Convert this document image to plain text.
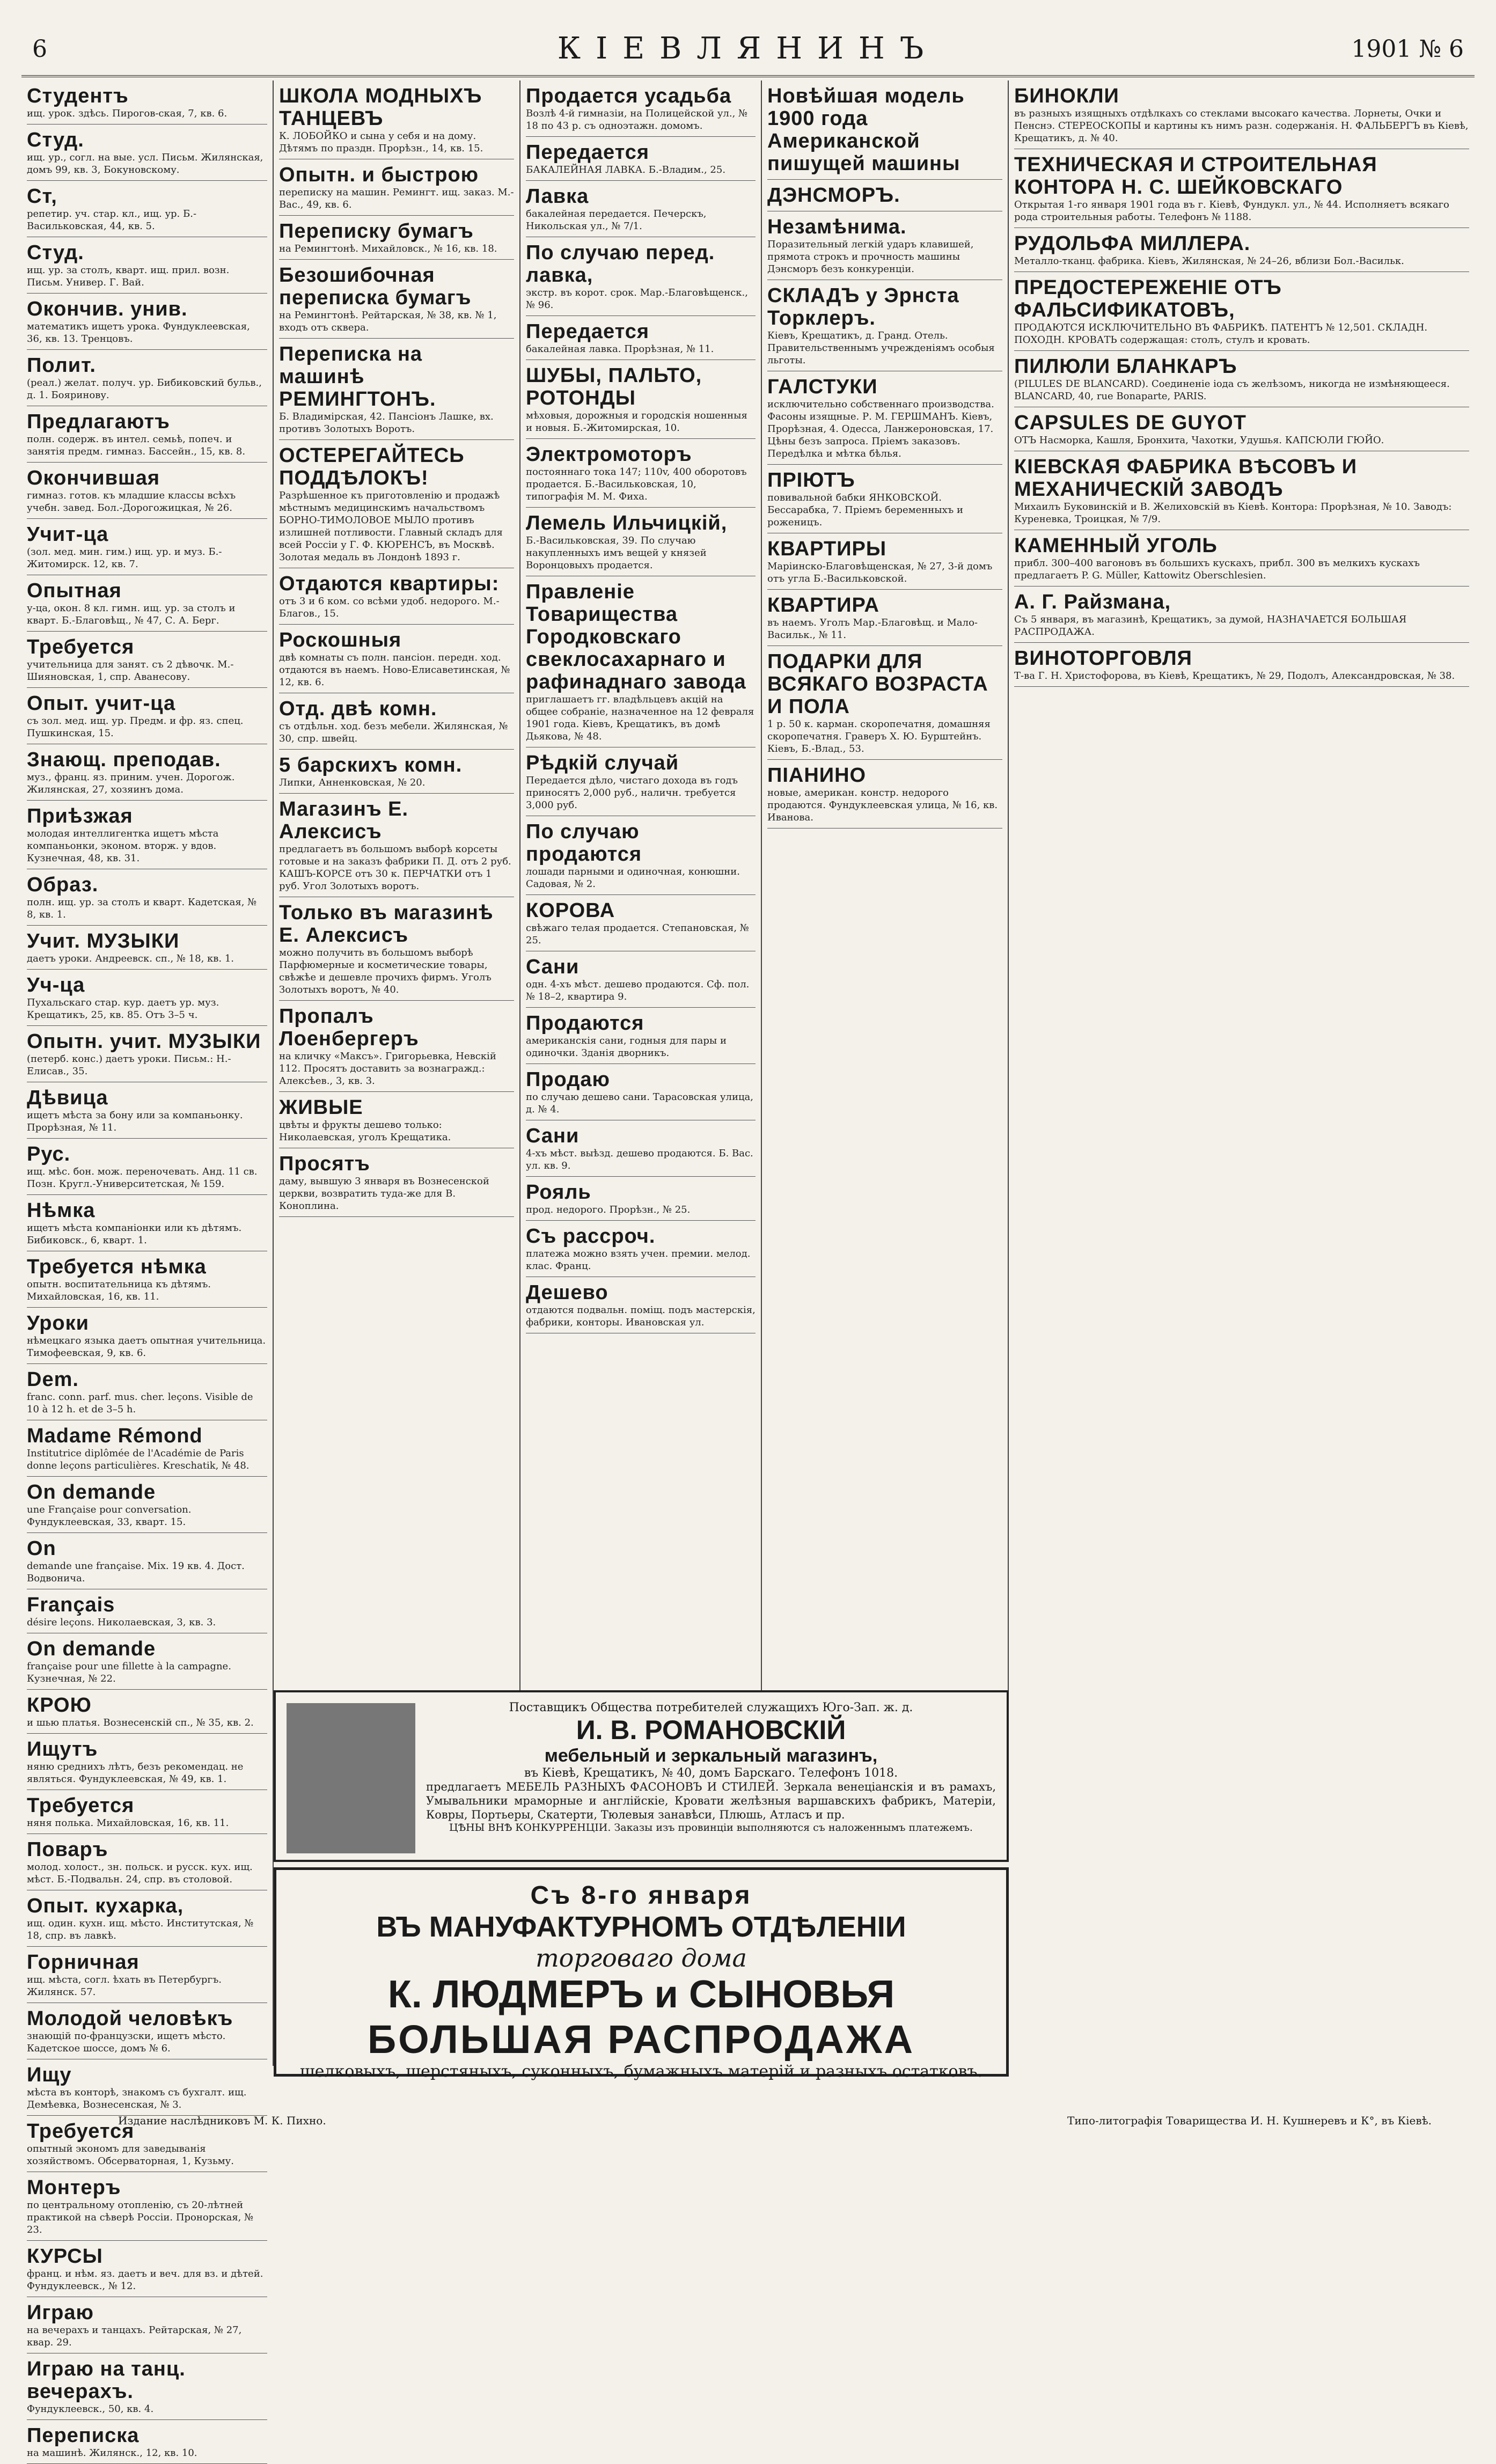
6	КІЕВЛЯНИНЪ	1901 № 6
Студентъ
ищ. урок. здѣсь. Пирогов-ская, 7, кв. 6.
Студ.
ищ. ур., согл. на вые. усл. Письм. Жилянская, домъ 99, кв. 3, Бокуновскому.
Ст,
репетир. уч. стар. кл., ищ. ур. Б.-Васильковская, 44, кв. 5.
Студ.
ищ. ур. за столъ, кварт. ищ. прил. возн. Письм. Универ. Г. Вай.
Окончив. унив.
математикъ ищетъ урока. Фундуклеевская, 36, кв. 13. Тренцовъ.
Полит.
(реал.) желат. получ. ур. Бибиковский бульв., д. 1. Бояринову.
Предлагаютъ
полн. содерж. въ интел. семьѣ, попеч. и занятія предм. гимназ. Бассейн., 15, кв. 8.
Окончившая
гимназ. готов. къ младшие классы всѣхъ учебн. завед. Бол.-Дорогожицкая, № 26.
Учит-ца
(зол. мед. мин. гим.) ищ. ур. и муз. Б.-Житомирск. 12, кв. 7.
Опытная
у-ца, окон. 8 кл. гимн. ищ. ур. за столъ и кварт. Б.-Благовѣщ., № 47, С. А. Берг.
Требуется
учительница для занят. съ 2 дѣвочк. М.-Шияновская, 1, спр. Аванесову.
Опыт. учит-ца
съ зол. мед. ищ. ур. Предм. и фр. яз. спец. Пушкинская, 15.
Знающ. преподав.
муз., франц. яз. приним. учен. Дорогож. Жилянская, 27, хозяинъ дома.
Приѣзжая
молодая интеллигентка ищетъ мѣста компаньонки, эконом. вторж. у вдов. Кузнечная, 48, кв. 31.
Образ.
полн. ищ. ур. за столъ и кварт. Кадетская, № 8, кв. 1.
Учит. МУЗЫКИ
даетъ уроки. Андреевск. сп., № 18, кв. 1.
Уч-ца
Пухальскаго стар. кур. даетъ ур. муз. Крещатикъ, 25, кв. 85. Отъ 3–5 ч.
Опытн. учит. МУЗЫКИ
(петерб. конс.) даетъ уроки. Письм.: Н.-Елисав., 35.
Дѣвица
ищетъ мѣста за бону или за компаньонку. Прорѣзная, № 11.
Рус.
ищ. мѣс. бон. мож. переночевать. Анд. 11 св. Позн. Кругл.-Университетская, № 159.
Нѣмка
ищетъ мѣста компаніонки или къ дѣтямъ. Бибиковск., 6, кварт. 1.
Требуется нѣмка
опытн. воспитательница къ дѣтямъ. Михайловская, 16, кв. 11.
Уроки
нѣмецкаго языка даетъ опытная учительница. Тимофеевская, 9, кв. 6.
Dem.
franc. conn. parf. mus. cher. leçons. Visible de 10 à 12 h. et de 3–5 h.
Madame Rémond
Institutrice diplômée de l'Académie de Paris donne leçons particulières. Kreschatik, № 48.
On demande
une Française pour conversation. Фундуклеевская, 33, кварт. 15.
On
demande une française. Mix. 19 кв. 4. Дост. Водвонича.
Français
désire leçons. Николаевская, 3, кв. 3.
On demande
française pour une fillette à la campagne. Кузнечная, № 22.
КРОЮ
и шью платья. Вознесенскій сп., № 35, кв. 2.
Ищутъ
няню среднихъ лѣтъ, безъ рекомендац. не являться. Фундуклеевская, № 49, кв. 1.
Требуется
няня полька. Михайловская, 16, кв. 11.
Поваръ
молод. холост., зн. польск. и русск. кух. ищ. мѣст. Б.-Подвальн. 24, спр. въ столовой.
Опыт. кухарка,
ищ. один. кухн. ищ. мѣсто. Институтская, № 18, спр. въ лавкѣ.
Горничная
ищ. мѣста, согл. ѣхать въ Петербургъ. Жилянск. 57.
Молодой человѣкъ
знающій по-французски, ищетъ мѣсто. Кадетское шоссе, домъ № 6.
Ищу
мѣста въ конторѣ, знакомъ съ бухгалт. ищ. Демѣевка, Вознесенская, № 3.
Требуется
опытный экономъ для заведыванія хозяйствомъ. Обсерваторная, 1, Кузьму.
Монтеръ
по центральному отопленію, съ 20-лѣтней практикой на сѣверѣ Россіи. Пронорская, № 23.
КУРСЫ
франц. и нѣм. яз. даетъ и веч. для вз. и дѣтей. Фундуклеевск., № 12.
Играю
на вечерахъ и танцахъ. Рейтарская, № 27, квар. 29.
Играю на танц. вечерахъ.
Фундуклеевск., 50, кв. 4.
Переписка
на машинѣ. Жилянск., 12, кв. 10.
ШКОЛА МОДНЫХЪ ТАНЦЕВЪ
К. ЛОБОЙКО и сына у себя и на дому. Дѣтямъ по праздн. Прорѣзн., 14, кв. 15.
Опытн. и быстрою
переписку на машин. Ремингт. ищ. заказ. М.-Вас., 49, кв. 6.
Переписку бумагъ
на Ремингтонѣ. Михайловск., № 16, кв. 18.
Безошибочная переписка бумагъ
на Ремингтонѣ. Рейтарская, № 38, кв. № 1, входъ отъ сквера.
Переписка на машинѣ РЕМИНГТОНЪ.
Б. Владимірская, 42. Пансіонъ Лашке, вх. противъ Золотыхъ Воротъ.
ОСТЕРЕГАЙТЕСЬ ПОДДѢЛОКЪ!
Разрѣшенное къ приготовленію и продажѣ мѣстнымъ медицинскимъ начальствомъ БОРНО-ТИМОЛОВОЕ МЫЛО противъ излишней потливости. Главный складъ для всей Россіи у Г. Ф. КЮРЕНСЪ, въ Москвѣ. Золотая медаль въ Лондонѣ 1893 г.
Отдаются квартиры:
отъ 3 и 6 ком. со всѣми удоб. недорого. М.-Благов., 15.
Роскошныя
двѣ комнаты съ полн. пансіон. передн. ход. отдаются въ наемъ. Ново-Елисаветинская, № 12, кв. 6.
Отд. двѣ комн.
съ отдѣльн. ход. безъ мебели. Жилянская, № 30, спр. швейц.
5 барскихъ комн.
Липки, Анненковская, № 20.
Магазинъ Е. Алексисъ
предлагаетъ въ большомъ выборѣ корсеты готовые и на заказъ фабрики П. Д. отъ 2 руб. КАШЪ-КОРСЕ отъ 30 к. ПЕРЧАТКИ отъ 1 руб. Угол Золотыхъ воротъ.
Только въ магазинѣ Е. Алексисъ
можно получить въ большомъ выборѣ Парфюмерные и косметические товары, свѣжѣе и дешевле прочихъ фирмъ. Уголъ Золотыхъ воротъ, № 40.
Пропалъ Лоенбергеръ
на кличку «Максъ». Григорьевка, Невскій 112. Просятъ доставить за вознагражд.: Алексѣев., 3, кв. 3.
ЖИВЫЕ
цвѣты и фрукты дешево только: Николаевская, уголъ Крещатика.
Просятъ
даму, вывшую 3 января въ Вознесенской церкви, возвратить туда-же для В. Коноплина.
Продается усадьба
Возлѣ 4-й гимназіи, на Полицейской ул., № 18 по 43 р. съ одноэтажн. домомъ.
Передается
БАКАЛЕЙНАЯ ЛАВКА. Б.-Владим., 25.
Лавка
бакалейная передается. Печерскъ, Никольская ул., № 7/1.
По случаю перед. лавка,
экстр. въ корот. срок. Мар.-Благовѣщенск., № 96.
Передается
бакалейная лавка. Прорѣзная, № 11.
ШУБЫ, ПАЛЬТО, РОТОНДЫ
мѣховыя, дорожныя и городскія ношенныя и новыя. Б.-Житомирская, 10.
Электромоторъ
постояннаго тока 147; 110v, 400 оборотовъ продается. Б.-Васильковская, 10, типографія М. М. Фиха.
Лемель Ильчицкій,
Б.-Васильковская, 39. По случаю накупленныхъ имъ вещей у князей Воронцовыхъ продается.
Правленіе Товарищества Городковскаго свеклосахарнаго и рафинаднаго завода
приглашаетъ гг. владѣльцевъ акцій на общее собраніе, назначенное на 12 февраля 1901 года. Кіевъ, Крещатикъ, въ домѣ Дьякова, № 48.
Рѣдкій случай
Передается дѣло, чистаго дохода въ годъ приносятъ 2,000 руб., наличн. требуется 3,000 руб.
По случаю продаются
лошади парными и одиночная, конюшни. Садовая, № 2.
КОРОВА
свѣжаго телая продается. Степановская, № 25.
Сани
одн. 4-хъ мѣст. дешево продаются. Сф. пол. № 18–2, квартира 9.
Продаются
американскія сани, годныя для пары и одиночки. Зданія дворникъ.
Продаю
по случаю дешево сани. Тарасовская улица, д. № 4.
Сани
4-хъ мѣст. выѣзд. дешево продаются. Б. Вас. ул. кв. 9.
Рояль
прод. недорого. Прорѣзн., № 25.
Съ рассроч.
платежа можно взять учен. премии. мелод. клас. Франц.
Дешево
отдаются подвальн. поміщ. подъ мастерскія, фабрики, конторы. Ивановская ул.
Новѣйшая модель 1900 года Американской пишущей машины
ДЭНСМОРЪ.
Незамѣнима.
Поразительный легкій ударъ клавишей, прямота строкъ и прочность машины Дэнсморъ безъ конкуренціи.
СКЛАДЪ у Эрнста Торклеръ.
Кіевъ, Крещатикъ, д. Гранд. Отель. Правительственнымъ учрежденіямъ особыя льготы.
ГАЛСТУКИ
исключительно собственнаго производства. Фасоны изящные. Р. М. ГЕРШМАНЪ. Кіевъ, Прорѣзная, 4. Одесса, Ланжероновская, 17. Цѣны безъ запроса. Пріемъ заказовъ. Передѣлка и мѣтка бѣлья.
ПРІЮТЪ
повивальной бабки ЯНКОВСКОЙ. Бессарабка, 7. Пріемъ беременныхъ и роженицъ.
КВАРТИРЫ
Маріинско-Благовѣщенская, № 27, 3-й домъ отъ угла Б.-Васильковской.
КВАРТИРА
въ наемъ. Уголъ Мар.-Благовѣщ. и Мало-Васильк., № 11.
ПОДАРКИ ДЛЯ ВСЯКАГО ВОЗРАСТА И ПОЛА
1 р. 50 к. карман. скоропечатня, домашняя скоропечатня. Граверъ Х. Ю. Бурштейнъ. Кіевъ, Б.-Влад., 53.
ПІАНИНО
новые, американ. констр. недорого продаются. Фундуклеевская улица, № 16, кв. Иванова.
БИНОКЛИ
въ разныхъ изящныхъ отдѣлкахъ со стеклами высокаго качества. Лорнеты, Очки и Пенснэ. СТЕРЕОСКОПЫ и картины къ нимъ разн. содержанія. Н. ФАЛЬБЕРГЪ въ Кіевѣ, Крещатикъ, д. № 40.
ТЕХНИЧЕСКАЯ И СТРОИТЕЛЬНАЯ КОНТОРА Н. С. ШЕЙКОВСКАГО
Открытая 1-го января 1901 года въ г. Кіевѣ, Фундукл. ул., № 44. Исполняетъ всякаго рода строительныя работы. Телефонъ № 1188.
РУДОЛЬФА МИЛЛЕРА.
Металло-тканц. фабрика. Кіевъ, Жилянская, № 24–26, вблизи Бол.-Васильк.
ПРЕДОСТЕРЕЖЕНІЕ ОТЪ ФАЛЬСИФИКАТОВЪ,
ПРОДАЮТСЯ ИСКЛЮЧИТЕЛЬНО ВЪ ФАБРИКѢ. ПАТЕНТЪ № 12,501. СКЛАДН. ПОХОДН. КРОВАТЬ содержащая: столъ, стулъ и кровать.
ПИЛЮЛИ БЛАНКАРЪ
(PILULES DE BLANCARD). Соединеніе іода съ желѣзомъ, никогда не измѣняющееся. BLANCARD, 40, rue Bonaparte, PARIS.
CAPSULES DE GUYOT
ОТЪ Насморка, Кашля, Бронхита, Чахотки, Удушья. КАПСЮЛИ ГЮЙО.
КІЕВСКАЯ ФАБРИКА ВѢСОВЪ И МЕХАНИЧЕСКІЙ ЗАВОДЪ
Михаилъ Буковинскій и В. Желиховскій въ Кіевѣ. Контора: Прорѣзная, № 10. Заводъ: Куреневка, Троицкая, № 7/9.
КАМЕННЫЙ УГОЛЬ
прибл. 300–400 вагоновъ въ большихъ кускахъ, прибл. 300 въ мелкихъ кускахъ предлагаетъ P. G. Müller, Kattowitz Oberschlesien.
А. Г. Райзмана,
Съ 5 января, въ магазинѣ, Крещатикъ, за думой, НАЗНАЧАЕТСЯ БОЛЬШАЯ РАСПРОДАЖА.
ВИНОТОРГОВЛЯ
Т-ва Г. Н. Христофорова, въ Кіевѣ, Крещатикъ, № 29, Подолъ, Александровская, № 38.
Поставщикъ Общества потребителей служащихъ Юго-Зап. ж. д.
И. В. РОМАНОВСКІЙ
мебельный и зеркальный магазинъ,
въ Кіевѣ, Крещатикъ, № 40, домъ Барскаго. Телефонъ 1018.
предлагаетъ МЕБЕЛЬ РАЗНЫХЪ ФАСОНОВЪ И СТИЛЕЙ. Зеркала венеціанскія и въ рамахъ, Умывальники мраморные и англійскіе, Кровати желѣзныя варшавскихъ фабрикъ, Матеріи, Ковры, Портьеры, Скатерти, Тюлевыя занавѣси, Плюшь, Атласъ и пр.
ЦѢНЫ ВНѢ КОНКУРРЕНЦІИ. Заказы изъ провинціи выполняются съ наложеннымъ платежемъ.
Съ 8-го января
ВЪ МАНУФАКТУРНОМЪ ОТДѢЛЕНІИ
торговаго дома
К. ЛЮДМЕРЪ и СЫНОВЬЯ
БОЛЬШАЯ РАСПРОДАЖА
шелковыхъ, шерстяныхъ, суконныхъ, бумажныхъ матерій и разныхъ остатковъ.
Издание наслѣдниковъ М. К. Пихно.	Типо-литографія Товарищества И. Н. Кушнеревъ и К°, въ Кіевѣ.
